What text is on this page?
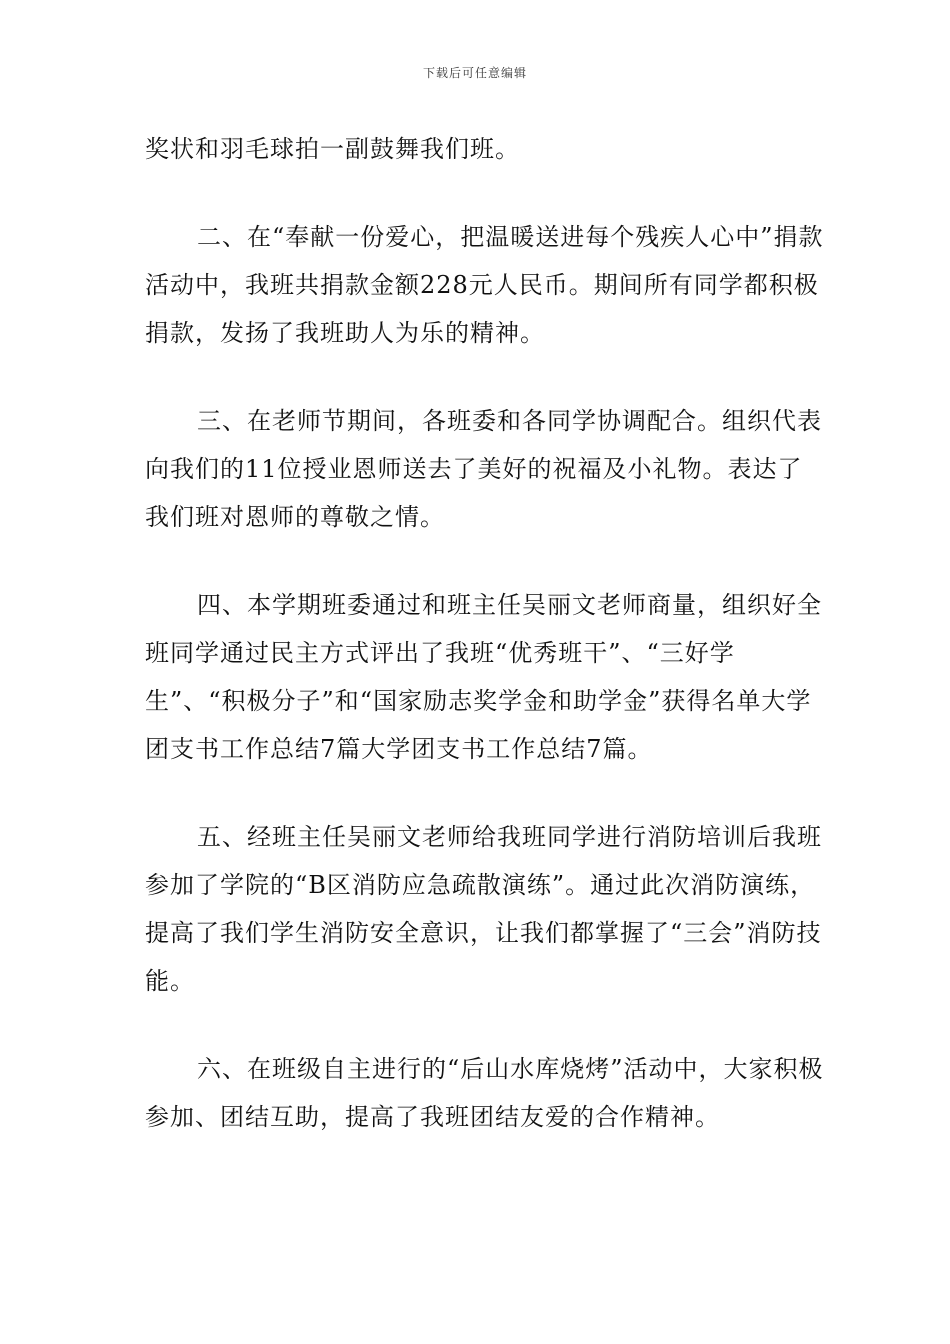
下载后可任意编辑

奖状和羽毛球拍一副鼓舞我们班。

二、在“奉献一份爱心，把温暖送进每个残疾人心中”捐款活动中，我班共捐款金额228元人民币。期间所有同学都积极捐款，发扬了我班助人为乐的精神。

三、在老师节期间，各班委和各同学协调配合。组织代表向我们的11位授业恩师送去了美好的祝福及小礼物。表达了我们班对恩师的尊敬之情。

四、本学期班委通过和班主任吴丽文老师商量，组织好全班同学通过民主方式评出了我班“优秀班干”、“三好学生”、“积极分子”和“国家励志奖学金和助学金”获得名单大学团支书工作总结7篇大学团支书工作总结7篇。

五、经班主任吴丽文老师给我班同学进行消防培训后我班参加了学院的“B区消防应急疏散演练”。通过此次消防演练，提高了我们学生消防安全意识，让我们都掌握了“三会”消防技能。

六、在班级自主进行的“后山水库烧烤”活动中，大家积极参加、团结互助，提高了我班团结友爱的合作精神。
